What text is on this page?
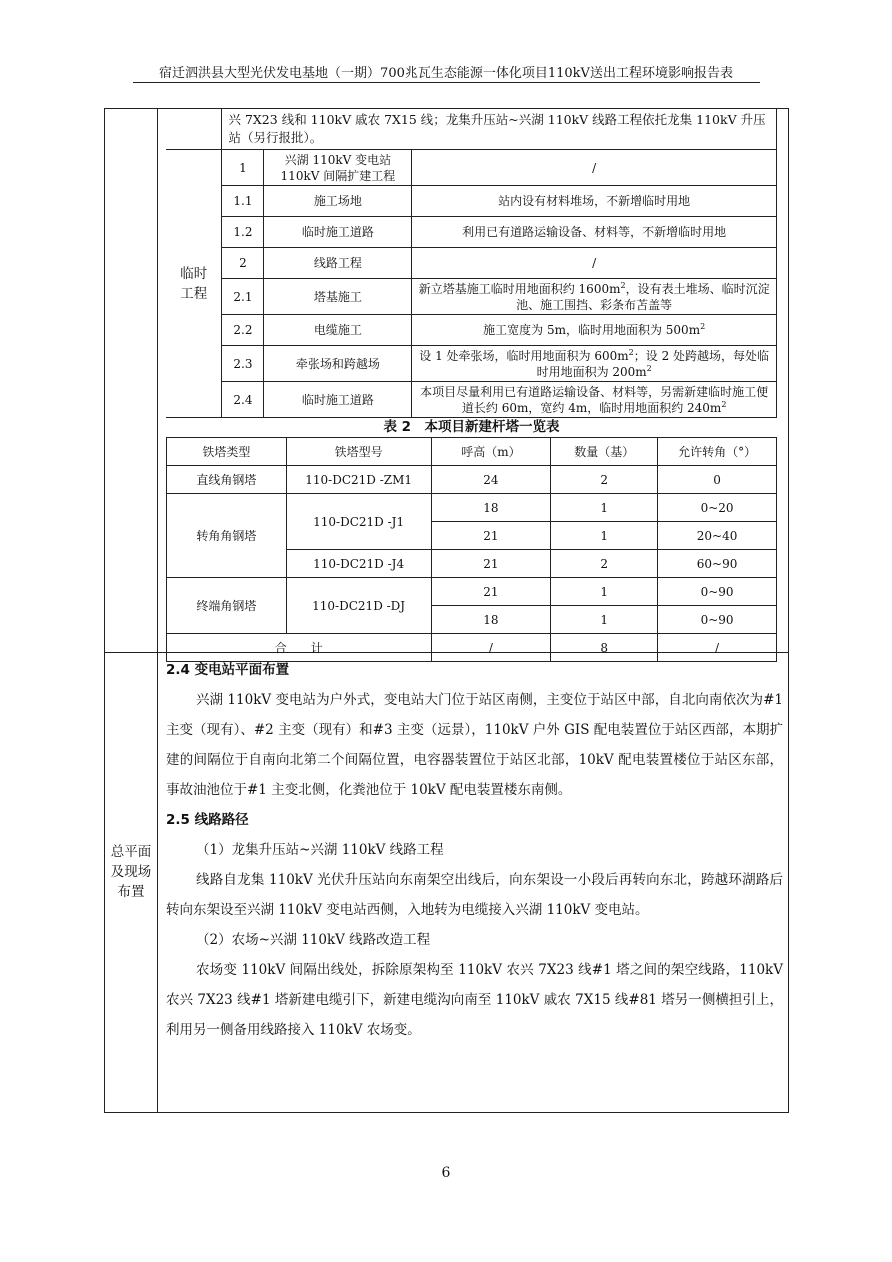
宿迁泗洪县大型光伏发电基地（一期）700兆瓦生态能源一体化项目110kV送出工程环境影响报告表
	兴 7X23 线和 110kV 戚农 7X15 线；龙集升压站~兴湖 110kV 线路工程依托龙集 110kV 升压站（另行报批）。		

临时工程	1	兴湖 110kV 变电站 110kV 间隔扩建工程	/
	1.1	施工场地	站内设有材料堆场，不新增临时用地
	1.2	临时施工道路	利用已有道路运输设备、材料等，不新增临时用地
	2	线路工程	/
	2.1	塔基施工	新立塔基施工临时用地面积约 $1600m^2$，设有表土堆场、临时沉淀池、施工围挡、彩条布苫盖等
	2.2	电缆施工	施工宽度为 5m，临时用地面积为 $500m^2$
	2.3	牵张场和跨越场	设 1 处牵张场，临时用地面积为 $600m^2$；设 2 处跨越场，每处临时用地面积为 $200m^2$
	2.4	临时施工道路	本项目尽量利用已有道路运输设备、材料等，另需新建临时施工便道长约 60m，宽约 4m，临时用地面积约 $240m^2$
表 2　本项目新建杆塔一览表
铁塔类型	铁塔型号	呼高（m）	数量（基）	允许转角（°）
直线角钢塔	110-DC21D -ZM1	24	2	0
转角角钢塔	110-DC21D -J1	18	1	0~20
		21	1	20~40
	110-DC21D -J4	21	2	60~90
终端角钢塔	110-DC21D -DJ	21	1	0~90
		18	1	0~90
合　　计		/	8	/
总平面及现场布置

2.4 变电站平面布置

兴湖 110kV 变电站为户外式，变电站大门位于站区南侧，主变位于站区中部，自北向南依次为#1 主变（现有）、#2 主变（现有）和#3 主变（远景），110kV 户外 GIS 配电装置位于站区西部，本期扩建的间隔位于自南向北第二个间隔位置，电容器装置位于站区北部，10kV 配电装置楼位于站区东部，事故油池位于#1 主变北侧，化粪池位于 10kV 配电装置楼东南侧。

2.5 线路路径

（1）龙集升压站~兴湖 110kV 线路工程

线路自龙集 110kV 光伏升压站向东南架空出线后，向东架设一小段后再转向东北，跨越环湖路后转向东架设至兴湖 110kV 变电站西侧，入地转为电缆接入兴湖 110kV 变电站。

（2）农场~兴湖 110kV 线路改造工程

农场变 110kV 间隔出线处，拆除原架构至 110kV 农兴 7X23 线#1 塔之间的架空线路，110kV 农兴 7X23 线#1 塔新建电缆引下，新建电缆沟向南至 110kV 戚农 7X15 线#81 塔另一侧横担引上，利用另一侧备用线路接入 110kV 农场变。

6
